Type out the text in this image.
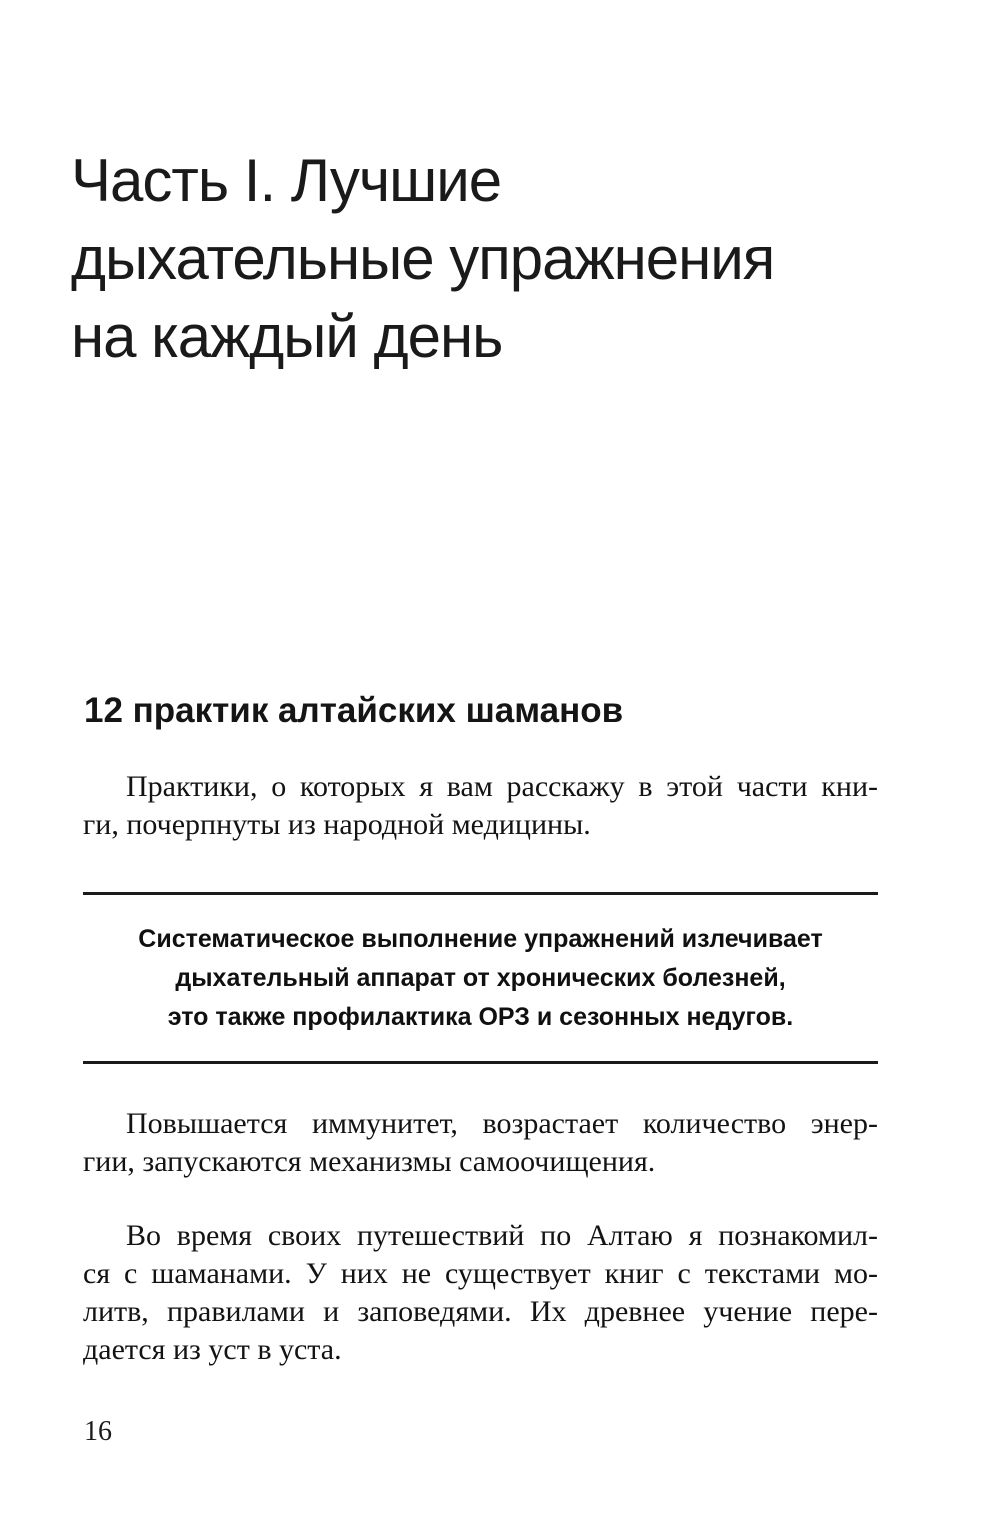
Часть I. Лучшие
дыхательные упражнения
на каждый день
12 практик алтайских шаманов
Практики, о которых я вам расскажу в этой части кни-
ги, почерпнуты из народной медицины.
Систематическое выполнение упражнений излечивает
дыхательный аппарат от хронических болезней,
это также профилактика ОРЗ и сезонных недугов.
Повышается иммунитет, возрастает количество энер-
гии, запускаются механизмы самоочищения.
Во время своих путешествий по Алтаю я познакомил-
ся с шаманами. У них не существует книг с текстами мо-
литв, правилами и заповедями. Их древнее учение пере-
дается из уст в уста.
16
